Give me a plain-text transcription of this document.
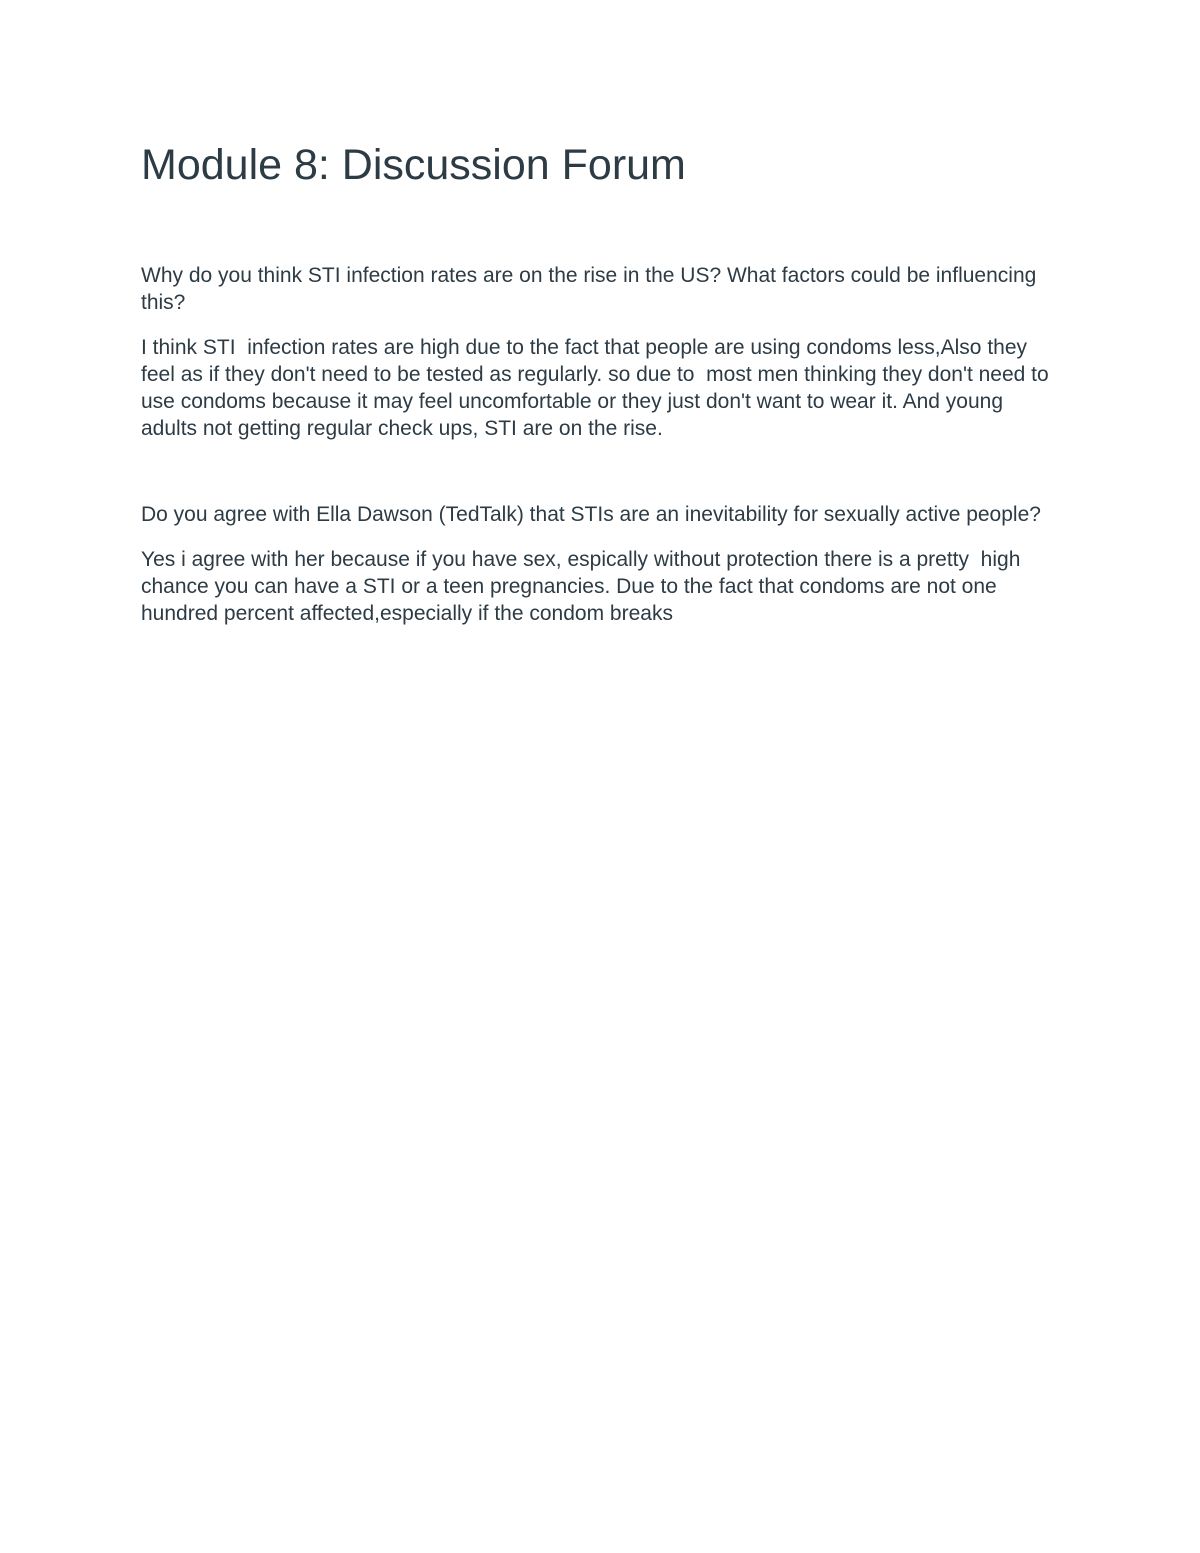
Module 8: Discussion Forum
Why do you think STI infection rates are on the rise in the US? What factors could be influencing this?
I think STI  infection rates are high due to the fact that people are using condoms less,Also they feel as if they don't need to be tested as regularly. so due to  most men thinking they don't need to use condoms because it may feel uncomfortable or they just don't want to wear it. And young adults not getting regular check ups, STI are on the rise.
Do you agree with Ella Dawson (TedTalk) that STIs are an inevitability for sexually active people?
Yes i agree with her because if you have sex, espically without protection there is a pretty  high chance you can have a STI or a teen pregnancies. Due to the fact that condoms are not one hundred percent affected,especially if the condom breaks
